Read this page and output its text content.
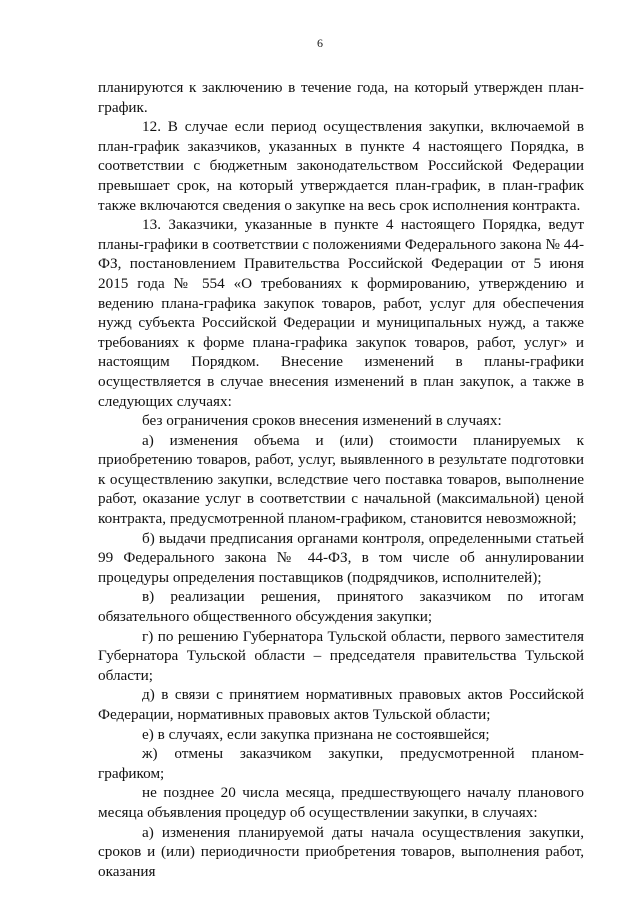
6

планируются к заключению в течение года, на который утвержден план-график.

12. В случае если период осуществления закупки, включаемой в план-график заказчиков, указанных в пункте 4 настоящего Порядка, в соответствии с бюджетным законодательством Российской Федерации превышает срок, на который утверждается план-график, в план-график также включаются сведения о закупке на весь срок исполнения контракта.

13. Заказчики, указанные в пункте 4 настоящего Порядка, ведут планы-графики в соответствии с положениями Федерального закона № 44-ФЗ, постановлением Правительства Российской Федерации от 5 июня 2015 года № 554 «О требованиях к формированию, утверждению и ведению плана-графика закупок товаров, работ, услуг для обеспечения нужд субъекта Российской Федерации и муниципальных нужд, а также требованиях к форме плана-графика закупок товаров, работ, услуг» и настоящим Порядком. Внесение изменений в планы-графики осуществляется в случае внесения изменений в план закупок, а также в следующих случаях:

без ограничения сроков внесения изменений в случаях:

а) изменения объема и (или) стоимости планируемых к приобретению товаров, работ, услуг, выявленного в результате подготовки к осуществлению закупки, вследствие чего поставка товаров, выполнение работ, оказание услуг в соответствии с начальной (максимальной) ценой контракта, предусмотренной планом-графиком, становится невозможной;

б) выдачи предписания органами контроля, определенными статьей 99 Федерального закона № 44-ФЗ, в том числе об аннулировании процедуры определения поставщиков (подрядчиков, исполнителей);

в) реализации решения, принятого заказчиком по итогам обязательного общественного обсуждения закупки;

г) по решению Губернатора Тульской области, первого заместителя Губернатора Тульской области – председателя правительства Тульской области;

д) в связи с принятием нормативных правовых актов Российской Федерации, нормативных правовых актов Тульской области;

е) в случаях, если закупка признана не состоявшейся;

ж) отмены заказчиком закупки, предусмотренной планом-графиком;

не позднее 20 числа месяца, предшествующего началу планового месяца объявления процедур об осуществлении закупки, в случаях:

а) изменения планируемой даты начала осуществления закупки, сроков и (или) периодичности приобретения товаров, выполнения работ, оказания
